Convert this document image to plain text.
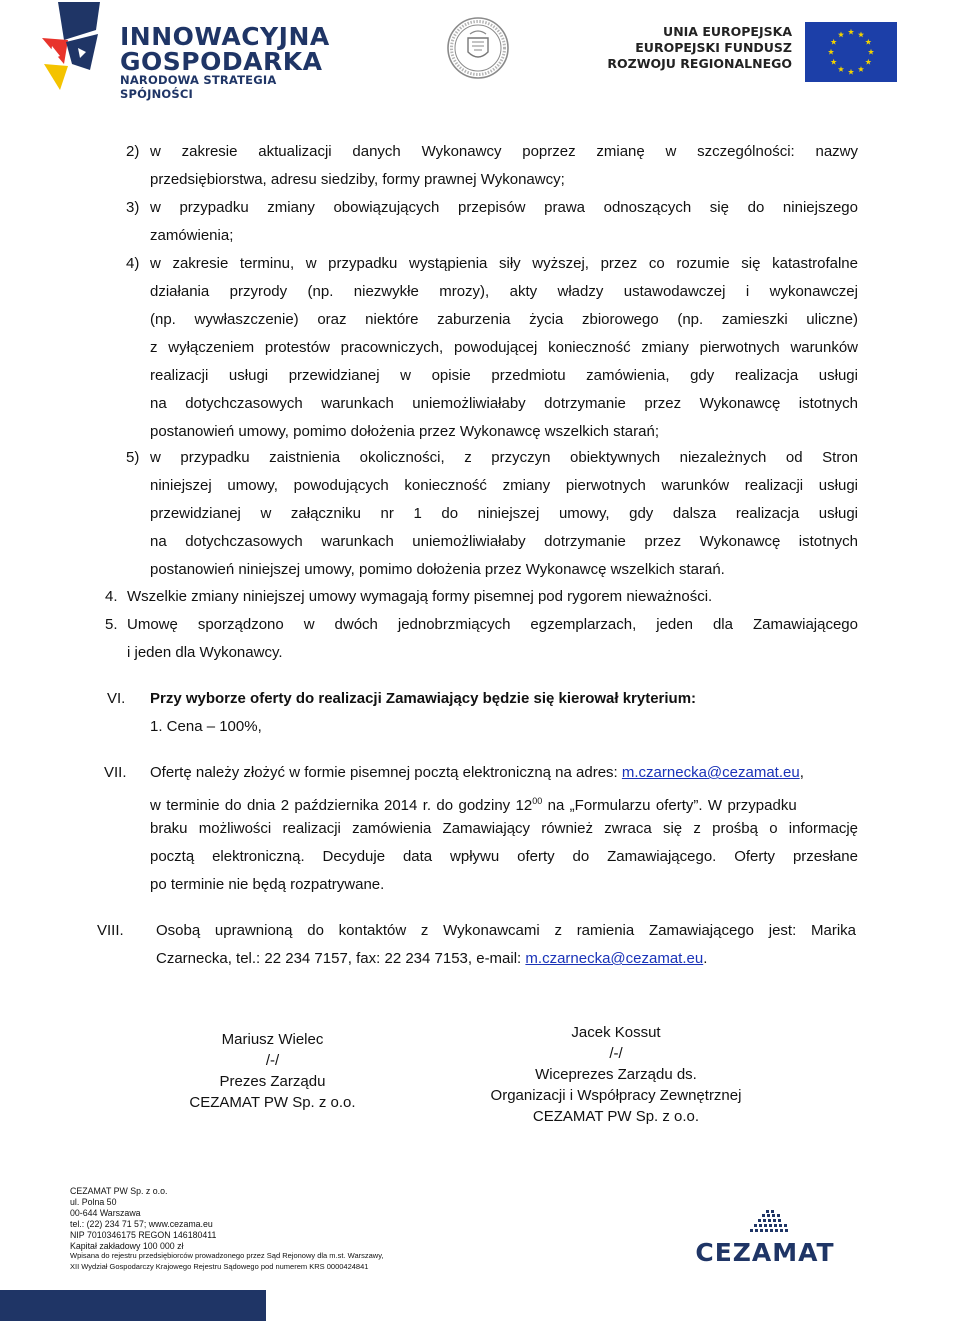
INNOWACYJNA
GOSPODARKA
NARODOWA STRATEGIA SPÓJNOŚCI
UNIA EUROPEJSKA
EUROPEJSKI FUNDUSZ
ROZWOJU REGIONALNEGO
2) w zakresie aktualizacji danych Wykonawcy poprzez zmianę w szczególności: nazwy
przedsiębiorstwa, adresu siedziby, formy prawnej Wykonawcy;
3) w przypadku zmiany obowiązujących przepisów prawa odnoszących się do niniejszego
zamówienia;
4) w zakresie terminu, w przypadku wystąpienia siły wyższej, przez co rozumie się katastrofalne
działania przyrody (np. niezwykłe mrozy), akty władzy ustawodawczej i wykonawczej
(np. wywłaszczenie) oraz niektóre zaburzenia życia zbiorowego (np. zamieszki uliczne)
z wyłączeniem protestów pracowniczych, powodującej konieczność zmiany pierwotnych warunków
realizacji usługi przewidzianej w opisie przedmiotu zamówienia, gdy realizacja usługi
na dotychczasowych warunkach uniemożliwiałaby dotrzymanie przez Wykonawcę istotnych
postanowień umowy, pomimo dołożenia przez Wykonawcę wszelkich starań;
5) w przypadku zaistnienia okoliczności, z przyczyn obiektywnych niezależnych od Stron
niniejszej umowy, powodujących konieczność zmiany pierwotnych warunków realizacji usługi
przewidzianej w załączniku nr 1 do niniejszej umowy, gdy dalsza realizacja usługi
na dotychczasowych warunkach uniemożliwiałaby dotrzymanie przez Wykonawcę istotnych
postanowień niniejszej umowy, pomimo dołożenia przez Wykonawcę wszelkich starań.
4. Wszelkie zmiany niniejszej umowy wymagają formy pisemnej pod rygorem nieważności.
5. Umowę sporządzono w dwóch jednobrzmiących egzemplarzach, jeden dla Zamawiającego
i jeden dla Wykonawcy.
VI. Przy wyborze oferty do realizacji Zamawiający będzie się kierował kryterium:
1. Cena – 100%,
VII. Ofertę należy złożyć w formie pisemnej pocztą elektroniczną na adres: m.czarnecka@cezamat.eu,
w terminie do dnia 2 października 2014 r. do godziny $12^{00}$ na „Formularzu oferty”. W przypadku
braku możliwości realizacji zamówienia Zamawiający również zwraca się z prośbą o informację
pocztą elektroniczną. Decyduje data wpływu oferty do Zamawiającego. Oferty przesłane
po terminie nie będą rozpatrywane.
VIII. Osobą uprawnioną do kontaktów z Wykonawcami z ramienia Zamawiającego jest: Marika
Czarnecka, tel.: 22 234 7157, fax: 22 234 7153, e-mail: m.czarnecka@cezamat.eu.
Mariusz Wielec
/-/
Prezes Zarządu
CEZAMAT PW Sp. z o.o.
Jacek Kossut
/-/
Wiceprezes Zarządu ds.
Organizacji i Współpracy Zewnętrznej
CEZAMAT PW Sp. z o.o.
CEZAMAT PW Sp. z o.o.
ul. Polna 50
00-644 Warszawa
tel.: (22) 234 71 57; www.cezama.eu
NIP 7010346175 REGON 146180411
Kapitał zakładowy 100 000 zł
Wpisana do rejestru przedsiębiorców prowadzonego przez Sąd Rejonowy dla m.st. Warszawy,
XII Wydział Gospodarczy Krajowego Rejestru Sądowego pod numerem KRS 0000424841	CEZAMAT
